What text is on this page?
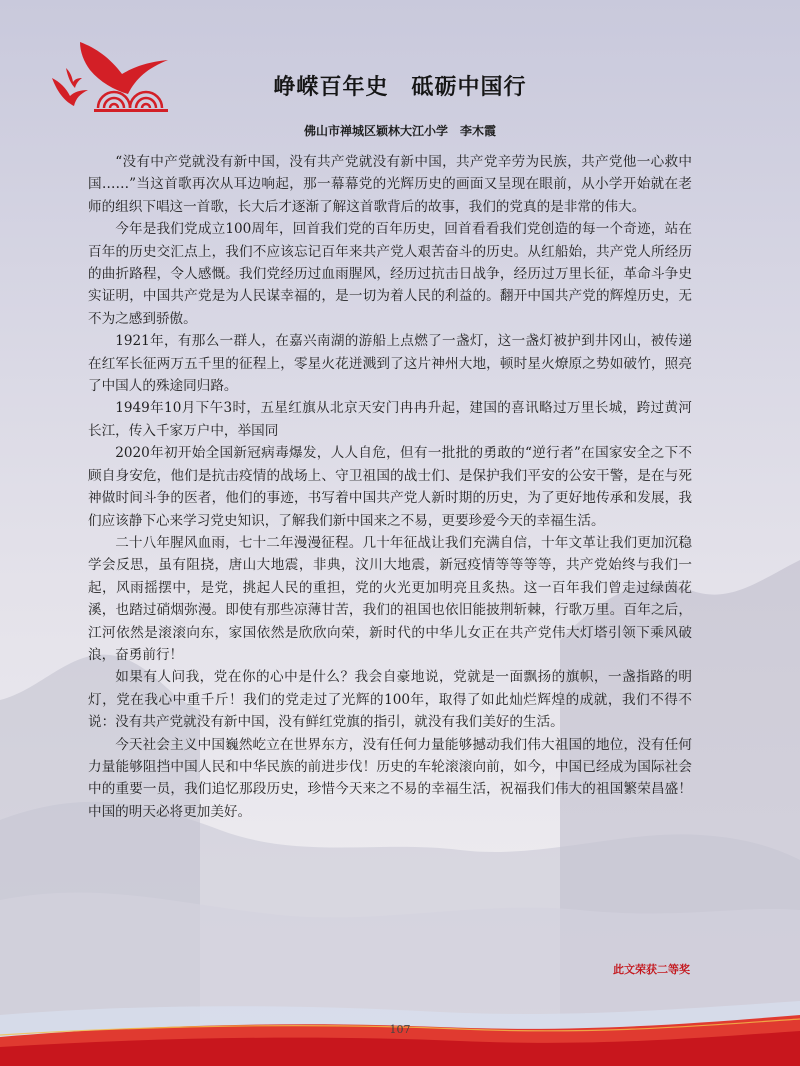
峥嵘百年史　砥砺中国行
佛山市禅城区颖林大江小学　李木霞

“没有中产党就没有新中国，没有共产党就没有新中国，共产党辛劳为民族，共产党他一心救中国……”当这首歌再次从耳边响起，那一幕幕党的光辉历史的画面又呈现在眼前，从小学开始就在老师的组织下唱这一首歌，长大后才逐渐了解这首歌背后的故事，我们的党真的是非常的伟大。

今年是我们党成立100周年，回首我们党的百年历史，回首看看我们党创造的每一个奇迹，站在百年的历史交汇点上，我们不应该忘记百年来共产党人艰苦奋斗的历史。从红船始，共产党人所经历的曲折路程，令人感慨。我们党经历过血雨腥风，经历过抗击日战争，经历过万里长征，革命斗争史实证明，中国共产党是为人民谋幸福的，是一切为着人民的利益的。翻开中国共产党的辉煌历史，无不为之感到骄傲。

1921年，有那么一群人，在嘉兴南湖的游船上点燃了一盏灯，这一盏灯被护到井冈山，被传递在红军长征两万五千里的征程上，零星火花迸溅到了这片神州大地，顿时星火燎原之势如破竹，照亮了中国人的殊途同归路。

1949年10月下午3时，五星红旗从北京天安门冉冉升起，建国的喜讯略过万里长城，跨过黄河长江，传入千家万户中，举国同

2020年初开始全国新冠病毒爆发，人人自危，但有一批批的勇敢的“逆行者”在国家安全之下不顾自身安危，他们是抗击疫情的战场上、守卫祖国的战士们、是保护我们平安的公安干警，是在与死神做时间斗争的医者，他们的事迹，书写着中国共产党人新时期的历史，为了更好地传承和发展，我们应该静下心来学习党史知识，了解我们新中国来之不易，更要珍爱今天的幸福生活。

二十八年腥风血雨，七十二年漫漫征程。几十年征战让我们充满自信，十年文革让我们更加沉稳学会反思，虽有阻挠，唐山大地震，非典，汶川大地震，新冠疫情等等等等，共产党始终与我们一起，风雨摇摆中，是党，挑起人民的重担，党的火光更加明亮且炙热。这一百年我们曾走过绿茵花溪，也踏过硝烟弥漫。即使有那些凉薄甘苦，我们的祖国也依旧能披荆斩棘，行歌万里。百年之后，江河依然是滚滚向东，家国依然是欣欣向荣，新时代的中华儿女正在共产党伟大灯塔引领下乘风破浪，奋勇前行！

如果有人问我，党在你的心中是什么？我会自豪地说，党就是一面飘扬的旗帜，一盏指路的明灯，党在我心中重千斤！我们的党走过了光辉的100年，取得了如此灿烂辉煌的成就，我们不得不说：没有共产党就没有新中国，没有鲜红党旗的指引，就没有我们美好的生活。

今天社会主义中国巍然屹立在世界东方，没有任何力量能够撼动我们伟大祖国的地位，没有任何力量能够阻挡中国人民和中华民族的前进步伐！历史的车轮滚滚向前，如今，中国已经成为国际社会中的重要一员，我们追忆那段历史，珍惜今天来之不易的幸福生活，祝福我们伟大的祖国繁荣昌盛！中国的明天必将更加美好。

此文荣获二等奖
107
